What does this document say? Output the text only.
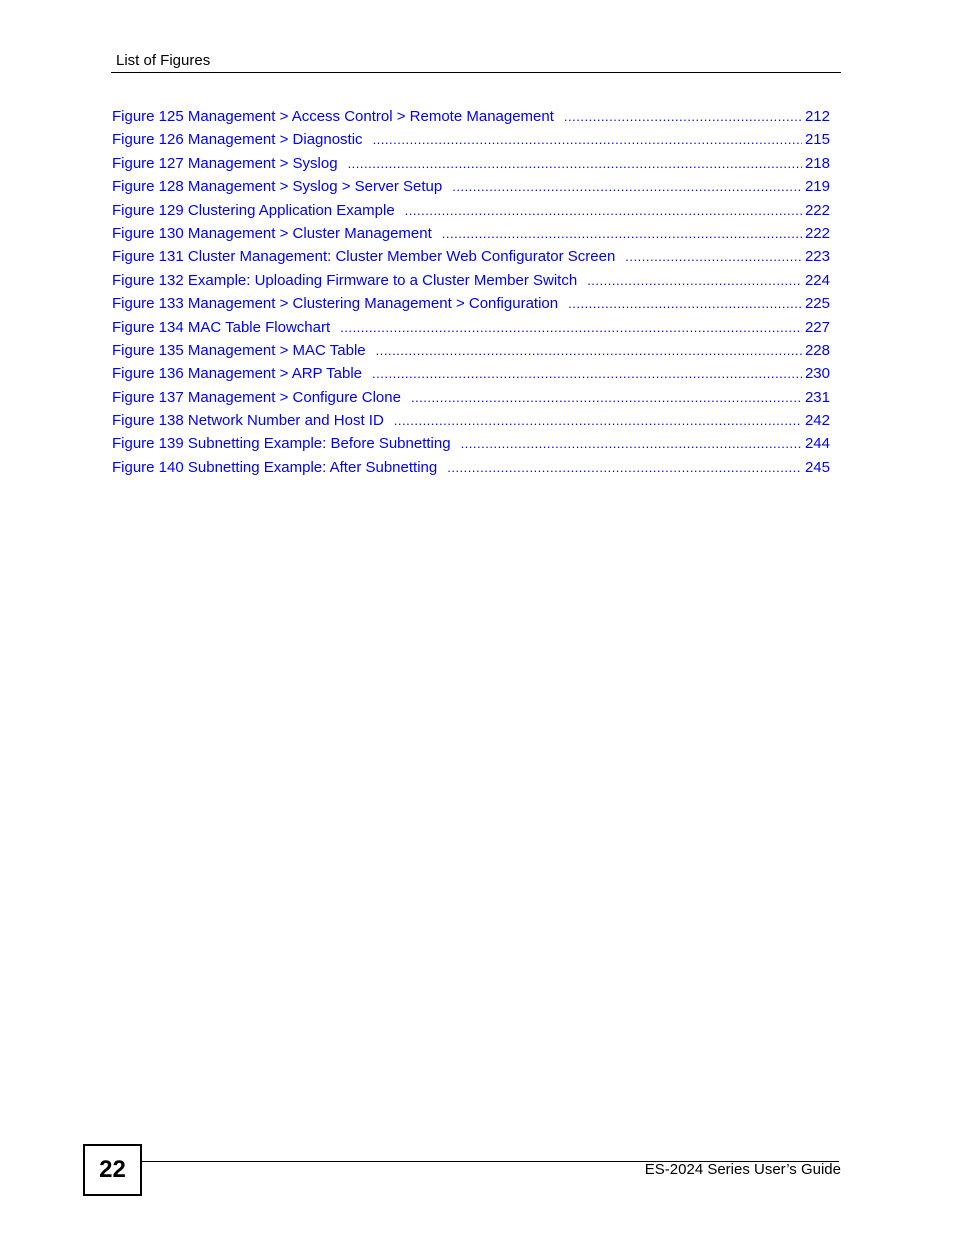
List of Figures
Figure 125 Management > Access Control > Remote Management .....	212
Figure 126 Management > Diagnostic .....	215
Figure 127 Management > Syslog .....	218
Figure 128 Management > Syslog > Server Setup .....	219
Figure 129 Clustering Application Example .....	222
Figure 130 Management > Cluster Management .....	222
Figure 131 Cluster Management: Cluster Member Web Configurator Screen .....	223
Figure 132 Example: Uploading Firmware to a Cluster Member Switch .....	224
Figure 133 Management > Clustering Management > Configuration .....	225
Figure 134 MAC Table Flowchart .....	227
Figure 135 Management > MAC Table .....	228
Figure 136 Management > ARP Table .....	230
Figure 137 Management > Configure Clone .....	231
Figure 138 Network Number and Host ID .....	242
Figure 139 Subnetting Example: Before Subnetting .....	244
Figure 140 Subnetting Example: After Subnetting .....	245
22	ES-2024 Series User’s Guide
